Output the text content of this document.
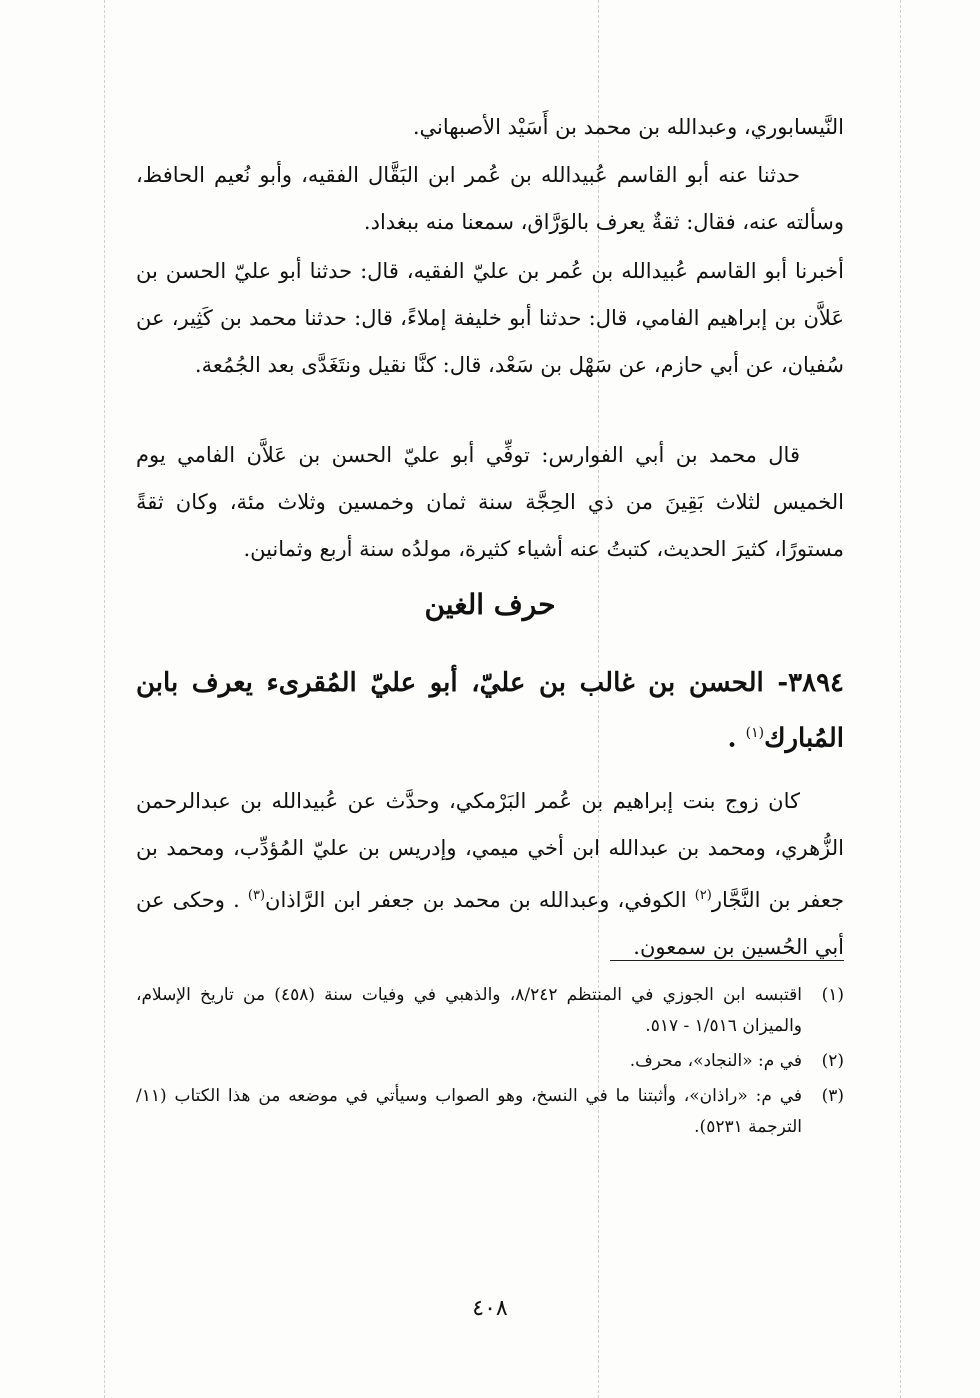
النَّيسابوري، وعبدالله بن محمد بن أَسَيْد الأصبهاني.

حدثنا عنه أبو القاسم عُبيدالله بن عُمر ابن البَقَّال الفقيه، وأبو نُعيم الحافظ، وسألته عنه، فقال: ثقةٌ يعرف بالوَرَّاق، سمعنا منه ببغداد.

أخبرنا أبو القاسم عُبيدالله بن عُمر بن عليّ الفقيه، قال: حدثنا أبو عليّ الحسن بن عَلاَّن بن إبراهيم الفامي، قال: حدثنا أبو خليفة إملاءً، قال: حدثنا محمد بن كَثِير، عن سُفيان، عن أبي حازم، عن سَهْل بن سَعْد، قال: كنَّا نقيل ونتَغَدَّى بعد الجُمُعة.

قال محمد بن أبي الفوارس: توفِّي أبو عليّ الحسن بن عَلاَّن الفامي يوم الخميس لثلاث بَقِينَ من ذي الحِجَّة سنة ثمان وخمسين وثلاث مئة، وكان ثقةً مستورًا، كثيرَ الحديث، كتبتُ عنه أشياء كثيرة، مولدُه سنة أربع وثمانين.

حرف الغين
٣٨٩٤- الحسن بن غالب بن عليّ، أبو عليّ المُقرىء يعرف بابن المُبارك$^{(١)}$ .

كان زوج بنت إبراهيم بن عُمر البَرْمكي، وحدَّث عن عُبيدالله بن عبدالرحمن الزُّهري، ومحمد بن عبدالله ابن أخي ميمي، وإدريس بن عليّ المُؤدِّب، ومحمد بن جعفر بن النَّجَّار$^{(٢)}$ الكوفي، وعبدالله بن محمد بن جعفر ابن الرَّاذان$^{(٣)}$ . وحكى عن أبي الحُسين بن سمعون.

(١)
اقتبسه ابن الجوزي في المنتظم ٨/٢٤٢، والذهبي في وفيات سنة (٤٥٨) من تاريخ الإسلام، والميزان ١/٥١٦ - ٥١٧.
(٢)
في م: «النجاد»، محرف.
(٣)
في م: «راذان»، وأثبتنا ما في النسخ، وهو الصواب وسيأتي في موضعه من هذا الكتاب (١١/ الترجمة ٥٢٣١).
٤٠٨
